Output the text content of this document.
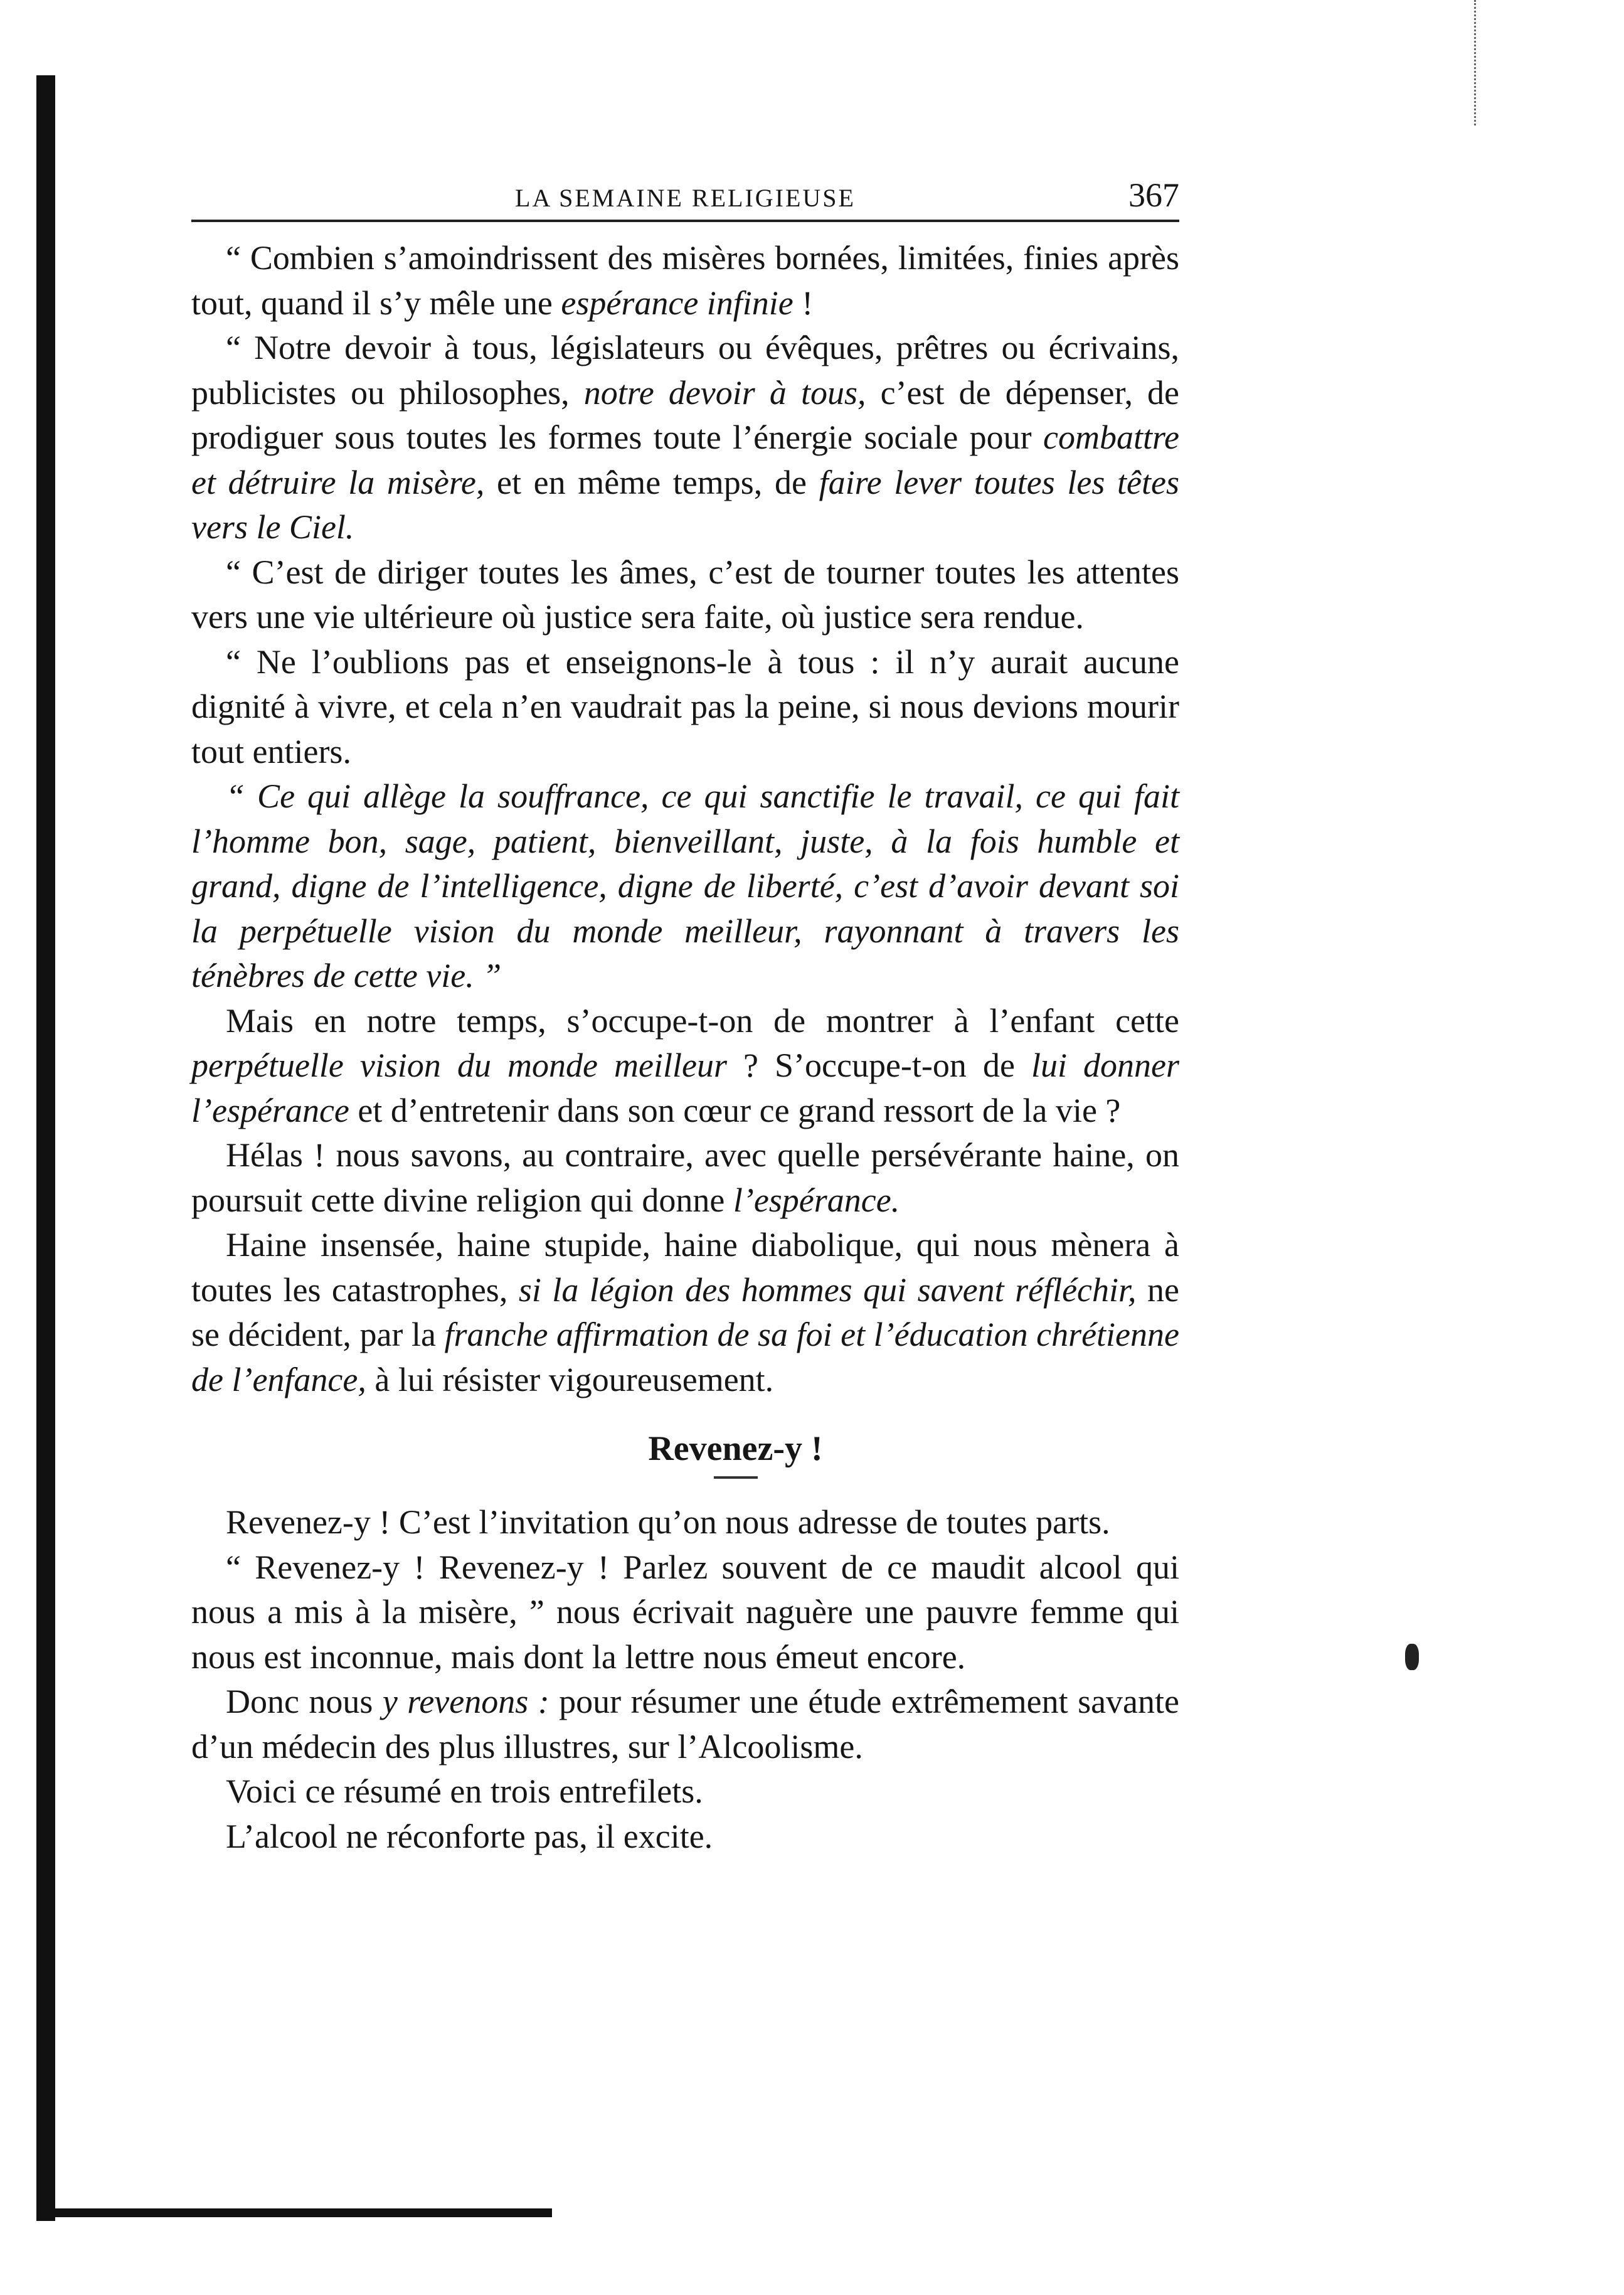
LA SEMAINE RELIGIEUSE	367

“ Combien s’amoindrissent des misères bornées, limitées, finies après tout, quand il s’y mêle une espérance infinie !

“ Notre devoir à tous, législateurs ou évêques, prêtres ou écrivains, publicistes ou philosophes, notre devoir à tous, c’est de dépenser, de prodiguer sous toutes les formes toute l’énergie sociale pour combattre et détruire la misère, et en même temps, de faire lever toutes les têtes vers le Ciel.

“ C’est de diriger toutes les âmes, c’est de tourner toutes les attentes vers une vie ultérieure où justice sera faite, où justice sera rendue.

“ Ne l’oublions pas et enseignons-le à tous : il n’y aurait aucune dignité à vivre, et cela n’en vaudrait pas la peine, si nous devions mourir tout entiers.

“ Ce qui allège la souffrance, ce qui sanctifie le travail, ce qui fait l’homme bon, sage, patient, bienveillant, juste, à la fois humble et grand, digne de l’intelligence, digne de liberté, c’est d’avoir devant soi la perpétuelle vision du monde meilleur, rayonnant à travers les ténèbres de cette vie. ”

Mais en notre temps, s’occupe-t-on de montrer à l’enfant cette perpétuelle vision du monde meilleur ? S’occupe-t-on de lui donner l’espérance et d’entretenir dans son cœur ce grand ressort de la vie ?

Hélas ! nous savons, au contraire, avec quelle persévérante haine, on poursuit cette divine religion qui donne l’espérance.

Haine insensée, haine stupide, haine diabolique, qui nous mènera à toutes les catastrophes, si la légion des hommes qui savent réfléchir, ne se décident, par la franche affirmation de sa foi et l’éducation chrétienne de l’enfance, à lui résister vigoureusement.

Revenez-y !

Revenez-y ! C’est l’invitation qu’on nous adresse de toutes parts.

“ Revenez-y ! Revenez-y ! Parlez souvent de ce maudit alcool qui nous a mis à la misère, ” nous écrivait naguère une pauvre femme qui nous est inconnue, mais dont la lettre nous émeut encore.

Donc nous y revenons : pour résumer une étude extrêmement savante d’un médecin des plus illustres, sur l’Alcoolisme.

Voici ce résumé en trois entrefilets.

L’alcool ne réconforte pas, il excite.
